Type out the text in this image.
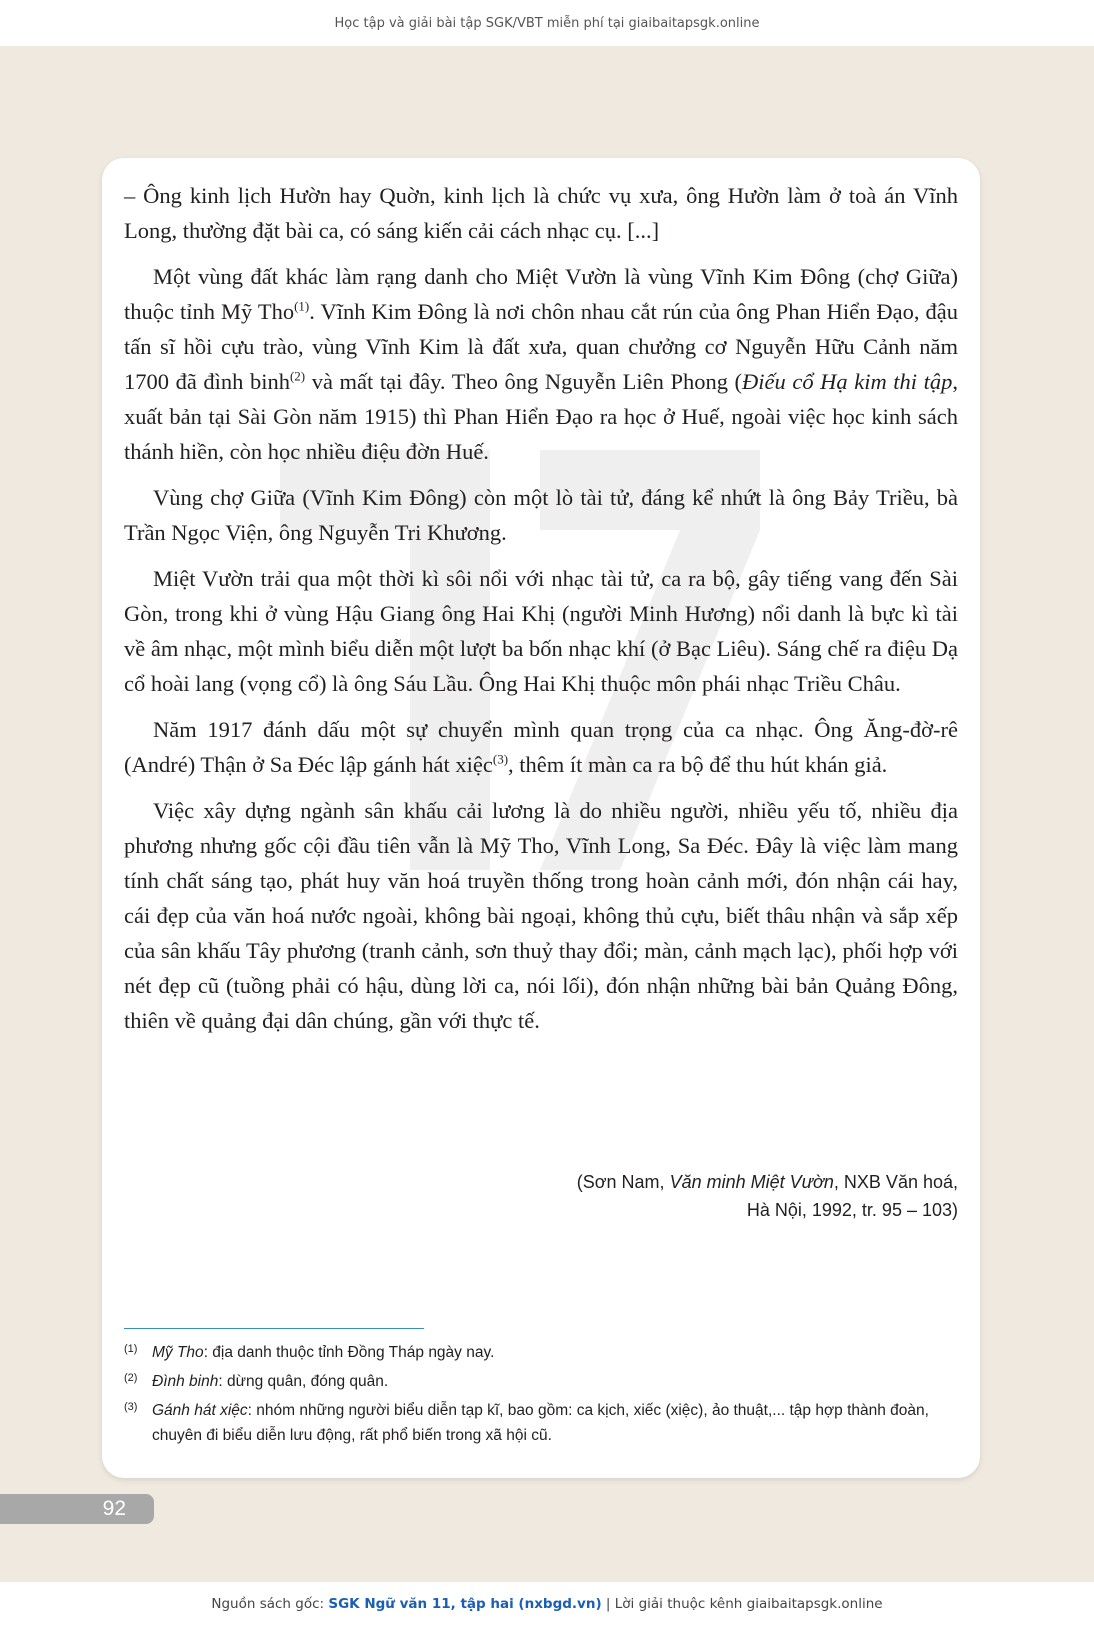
Học tập và giải bài tập SGK/VBT miễn phí tại giaibaitapsgk.online

– Ông kinh lịch Hườn hay Quờn, kinh lịch là chức vụ xưa, ông Hườn làm ở toà án Vĩnh Long, thường đặt bài ca, có sáng kiến cải cách nhạc cụ. [...]

Một vùng đất khác làm rạng danh cho Miệt Vườn là vùng Vĩnh Kim Đông (chợ Giữa) thuộc tỉnh Mỹ Tho$^{(1)}$. Vĩnh Kim Đông là nơi chôn nhau cắt rún của ông Phan Hiển Đạo, đậu tấn sĩ hồi cựu trào, vùng Vĩnh Kim là đất xưa, quan chưởng cơ Nguyễn Hữu Cảnh năm 1700 đã đình binh$^{(2)}$ và mất tại đây. Theo ông Nguyễn Liên Phong (Điếu cổ Hạ kim thi tập, xuất bản tại Sài Gòn năm 1915) thì Phan Hiển Đạo ra học ở Huế, ngoài việc học kinh sách thánh hiền, còn học nhiều điệu đờn Huế.

Vùng chợ Giữa (Vĩnh Kim Đông) còn một lò tài tử, đáng kể nhứt là ông Bảy Triều, bà Trần Ngọc Viện, ông Nguyễn Tri Khương.

Miệt Vườn trải qua một thời kì sôi nổi với nhạc tài tử, ca ra bộ, gây tiếng vang đến Sài Gòn, trong khi ở vùng Hậu Giang ông Hai Khị (người Minh Hương) nổi danh là bực kì tài về âm nhạc, một mình biểu diễn một lượt ba bốn nhạc khí (ở Bạc Liêu). Sáng chế ra điệu Dạ cổ hoài lang (vọng cổ) là ông Sáu Lầu. Ông Hai Khị thuộc môn phái nhạc Triều Châu.

Năm 1917 đánh dấu một sự chuyển mình quan trọng của ca nhạc. Ông Ăng-đờ-rê (André) Thận ở Sa Đéc lập gánh hát xiệc$^{(3)}$, thêm ít màn ca ra bộ để thu hút khán giả.

Việc xây dựng ngành sân khấu cải lương là do nhiều người, nhiều yếu tố, nhiều địa phương nhưng gốc cội đầu tiên vẫn là Mỹ Tho, Vĩnh Long, Sa Đéc. Đây là việc làm mang tính chất sáng tạo, phát huy văn hoá truyền thống trong hoàn cảnh mới, đón nhận cái hay, cái đẹp của văn hoá nước ngoài, không bài ngoại, không thủ cựu, biết thâu nhận và sắp xếp của sân khấu Tây phương (tranh cảnh, sơn thuỷ thay đổi; màn, cảnh mạch lạc), phối hợp với nét đẹp cũ (tuồng phải có hậu, dùng lời ca, nói lối), đón nhận những bài bản Quảng Đông, thiên về quảng đại dân chúng, gần với thực tế.

(Sơn Nam, Văn minh Miệt Vườn, NXB Văn hoá,
Hà Nội, 1992, tr. 95 – 103)
(1) Mỹ Tho: địa danh thuộc tỉnh Đồng Tháp ngày nay.
(2) Đình binh: dừng quân, đóng quân.
(3) Gánh hát xiệc: nhóm những người biểu diễn tạp kĩ, bao gồm: ca kịch, xiếc (xiệc), ảo thuật,... tập hợp thành đoàn, chuyên đi biểu diễn lưu động, rất phổ biến trong xã hội cũ.
92
Nguồn sách gốc: SGK Ngữ văn 11, tập hai (nxbgd.vn) | Lời giải thuộc kênh giaibaitapsgk.online
